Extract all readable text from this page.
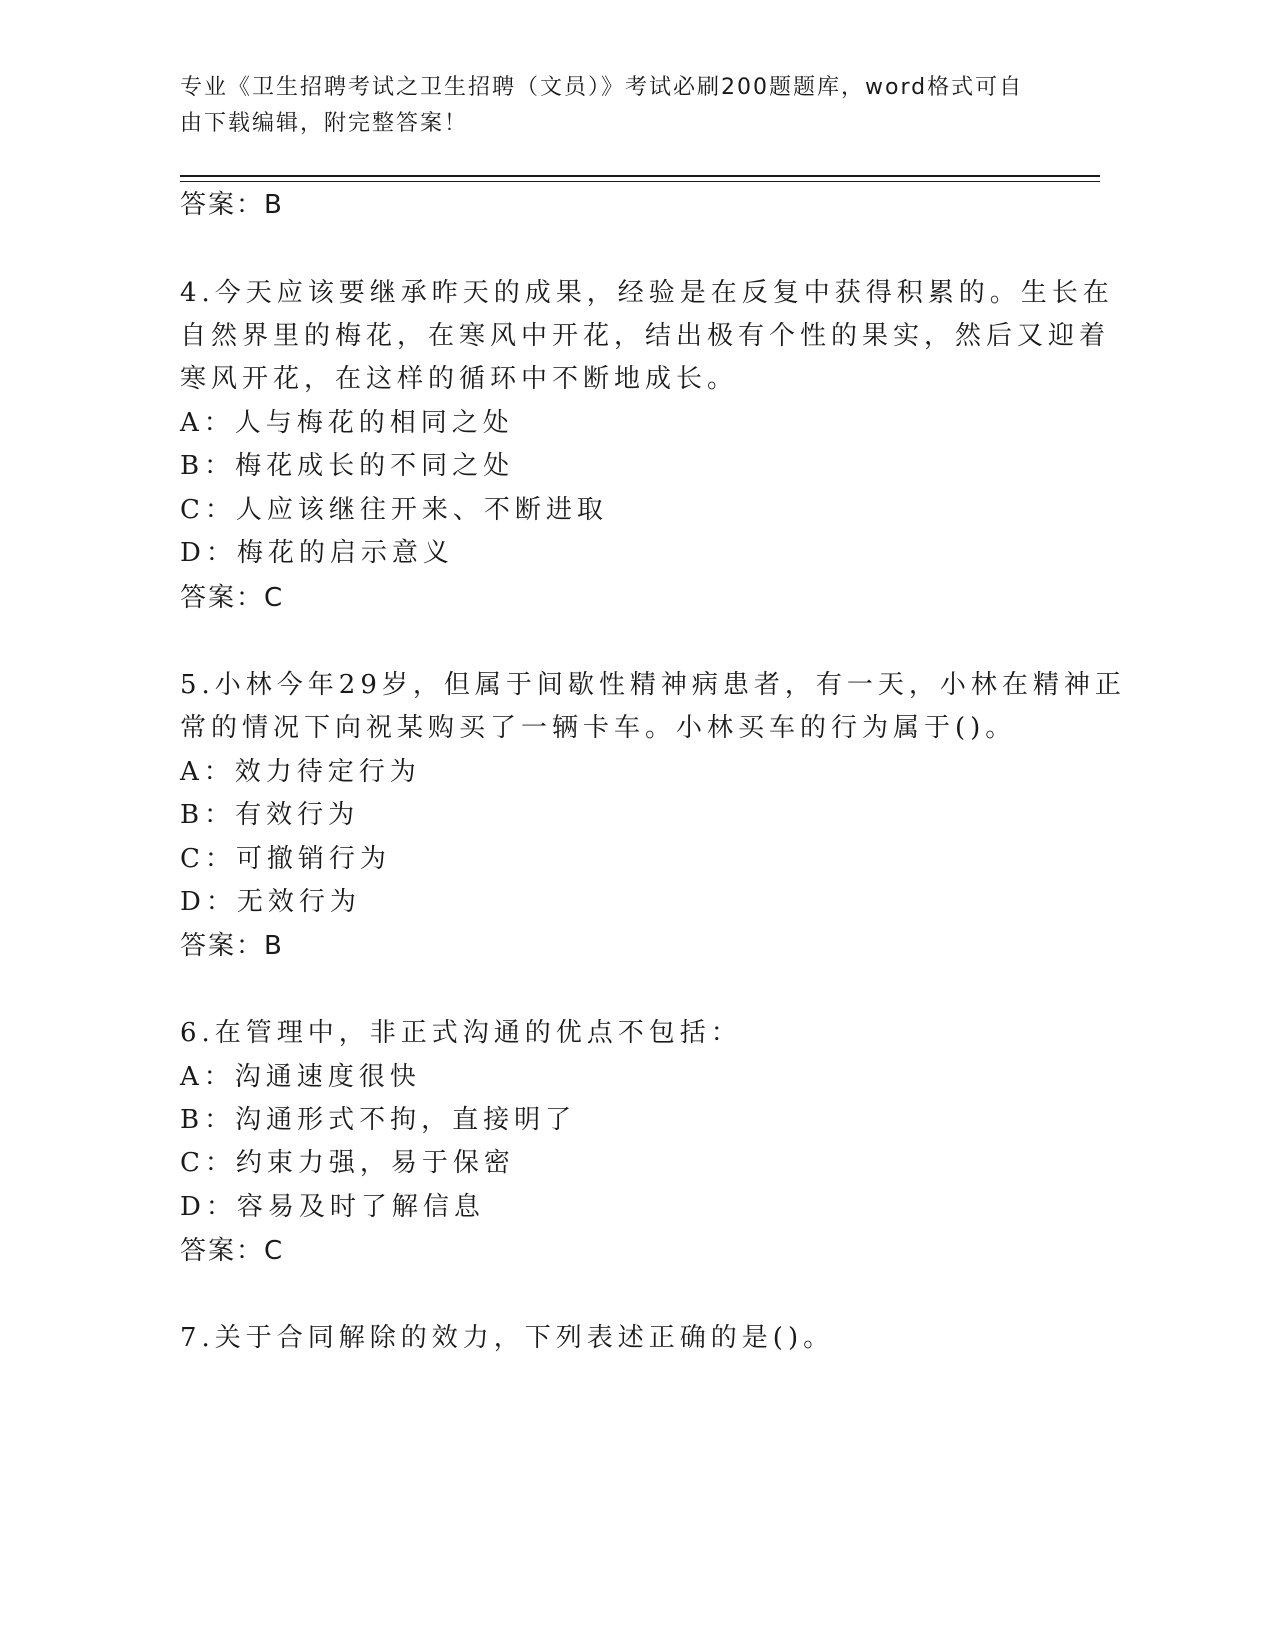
专业《卫生招聘考试之卫生招聘（文员）》考试必刷200题题库，word格式可自
由下载编辑，附完整答案！
答案：B
4.今天应该要继承昨天的成果，经验是在反复中获得积累的。生长在
自然界里的梅花，在寒风中开花，结出极有个性的果实，然后又迎着
寒风开花，在这样的循环中不断地成长。
A：人与梅花的相同之处
B：梅花成长的不同之处
C：人应该继往开来、不断进取
D：梅花的启示意义
答案：C
5.小林今年29岁，但属于间歇性精神病患者，有一天，小林在精神正
常的情况下向祝某购买了一辆卡车。小林买车的行为属于()。
A：效力待定行为
B：有效行为
C：可撤销行为
D：无效行为
答案：B
6.在管理中，非正式沟通的优点不包括：
A：沟通速度很快
B：沟通形式不拘，直接明了
C：约束力强，易于保密
D：容易及时了解信息
答案：C
7.关于合同解除的效力，下列表述正确的是()。
